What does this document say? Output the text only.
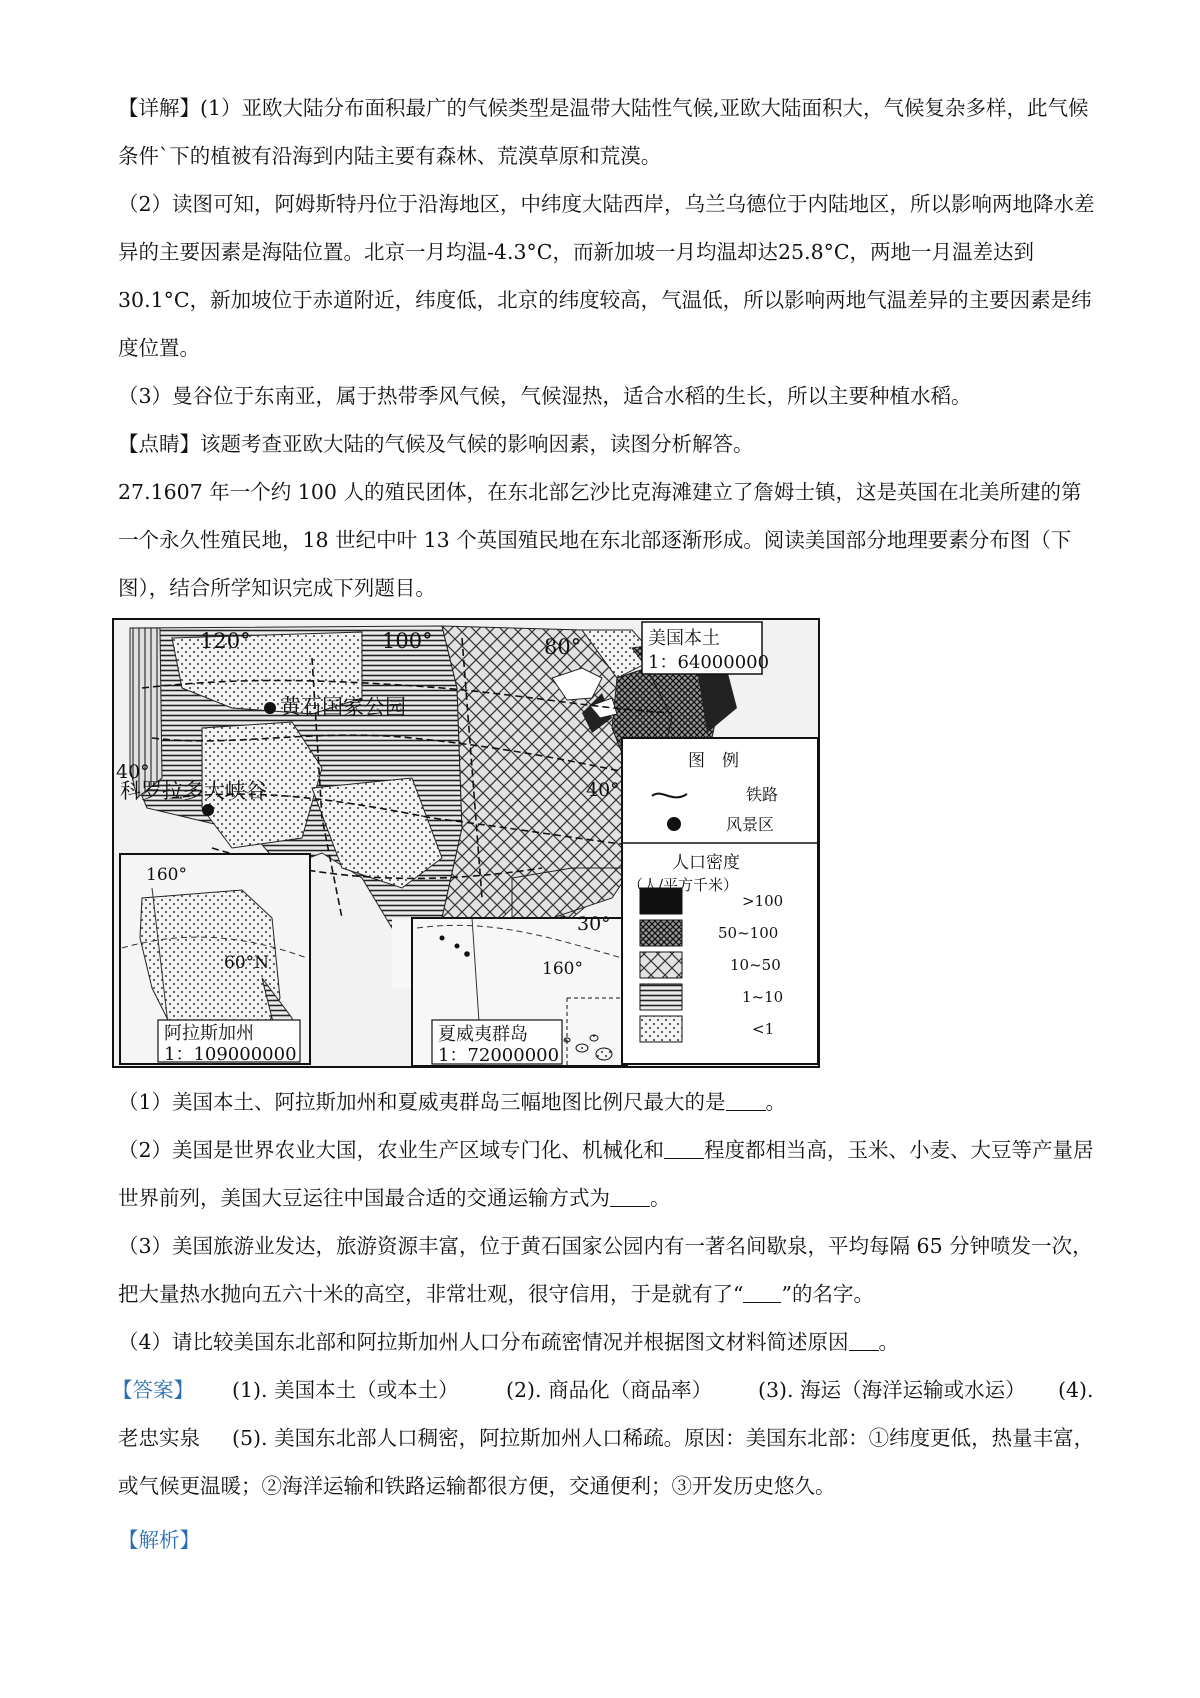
【详解】(1）亚欧大陆分布面积最广的气候类型是温带大陆性气候,亚欧大陆面积大，气候复杂多样，此气候条件ˋ下的植被有沿海到内陆主要有森林、荒漠草原和荒漠。

（2）读图可知，阿姆斯特丹位于沿海地区，中纬度大陆西岸，乌兰乌德位于内陆地区，所以影响两地降水差异的主要因素是海陆位置。北京一月均温-4.3°C，而新加坡一月均温却达25.8°C，两地一月温差达到30.1°C，新加坡位于赤道附近，纬度低，北京的纬度较高，气温低，所以影响两地气温差异的主要因素是纬度位置。

（3）曼谷位于东南亚，属于热带季风气候，气候湿热，适合水稻的生长，所以主要种植水稻。

【点睛】该题考查亚欧大陆的气候及气候的影响因素，读图分析解答。

27.1607 年一个约 100 人的殖民团体，在东北部乞沙比克海滩建立了詹姆士镇，这是英国在北美所建的第一个永久性殖民地，18 世纪中叶 13 个英国殖民地在东北部逐渐形成。阅读美国部分地理要素分布图（下图），结合所学知识完成下列题目。

120°	100°	80°
40°
40°
30°
黄石国家公园
科罗拉多大峡谷
美国本土
1：64000000
160°
60°N
阿拉斯加州
1：109000000
160°
夏威夷群岛
1：72000000
图　例
铁路
风景区
人口密度
（人/平方千米）
>100
50~100
10~50
1~10
<1

（1）美国本土、阿拉斯加州和夏威夷群岛三幅地图比例尺最大的是 。

（2）美国是世界农业大国，农业生产区域专门化、机械化和 程度都相当高，玉米、小麦、大豆等产量居世界前列，美国大豆运往中国最合适的交通运输方式为 。

（3）美国旅游业发达，旅游资源丰富，位于黄石国家公园内有一著名间歇泉，平均每隔 65 分钟喷发一次，把大量热水抛向五六十米的高空，非常壮观，很守信用，于是就有了“ ”的名字。

（4）请比较美国东北部和阿拉斯加州人口分布疏密情况并根据图文材料简述原因 。

【答案】 (1). 美国本土（或本土） (2). 商品化（商品率） (3). 海运（海洋运输或水运） (4).
老忠实泉 (5). 美国东北部人口稠密，阿拉斯加州人口稀疏。原因：美国东北部：①纬度更低，热量丰富，

或气候更温暖；②海洋运输和铁路运输都很方便，交通便利；③开发历史悠久。

【解析】
